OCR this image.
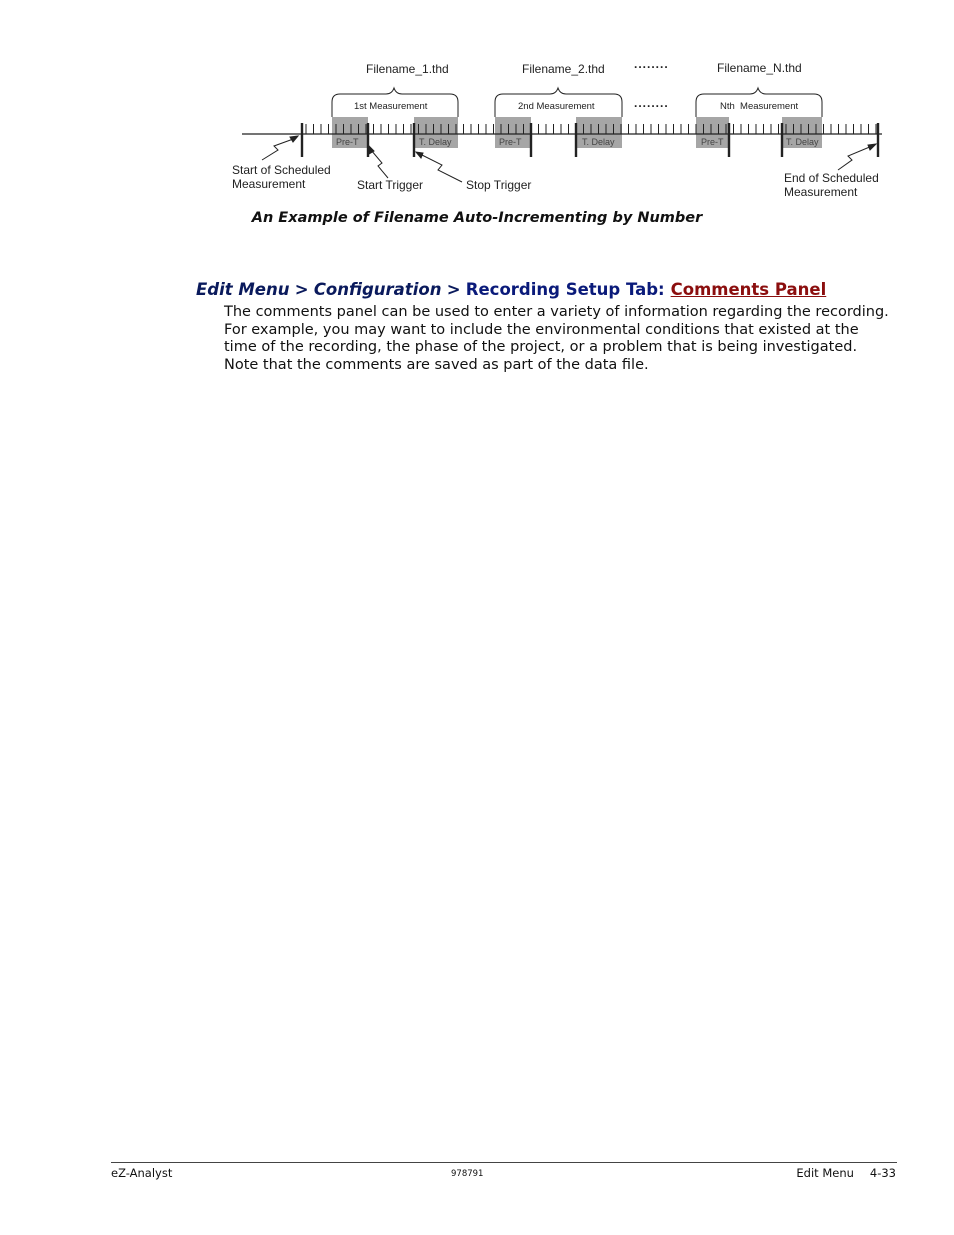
Filename_1.thd	Filename_2.thd	Filename_N.thd
........
........
1st Measurement	2nd Measurement	Nth  Measurement
Pre-T	T. Delay	Pre-T	T. Delay	Pre-T	T. Delay
Start of Scheduled
Measurement	Start Trigger	Stop Trigger	End of Scheduled
Measurement
An Example of Filename Auto-Incrementing by Number
Edit Menu > Configuration > Recording Setup Tab: Comments Panel
The comments panel can be used to enter a variety of information regarding the recording. For example, you may want to include the environmental conditions that existed at the time of the recording, the phase of the project, or a problem that is being investigated. Note that the comments are saved as part of the data file.
eZ-Analyst	978791	Edit Menu 4-33
